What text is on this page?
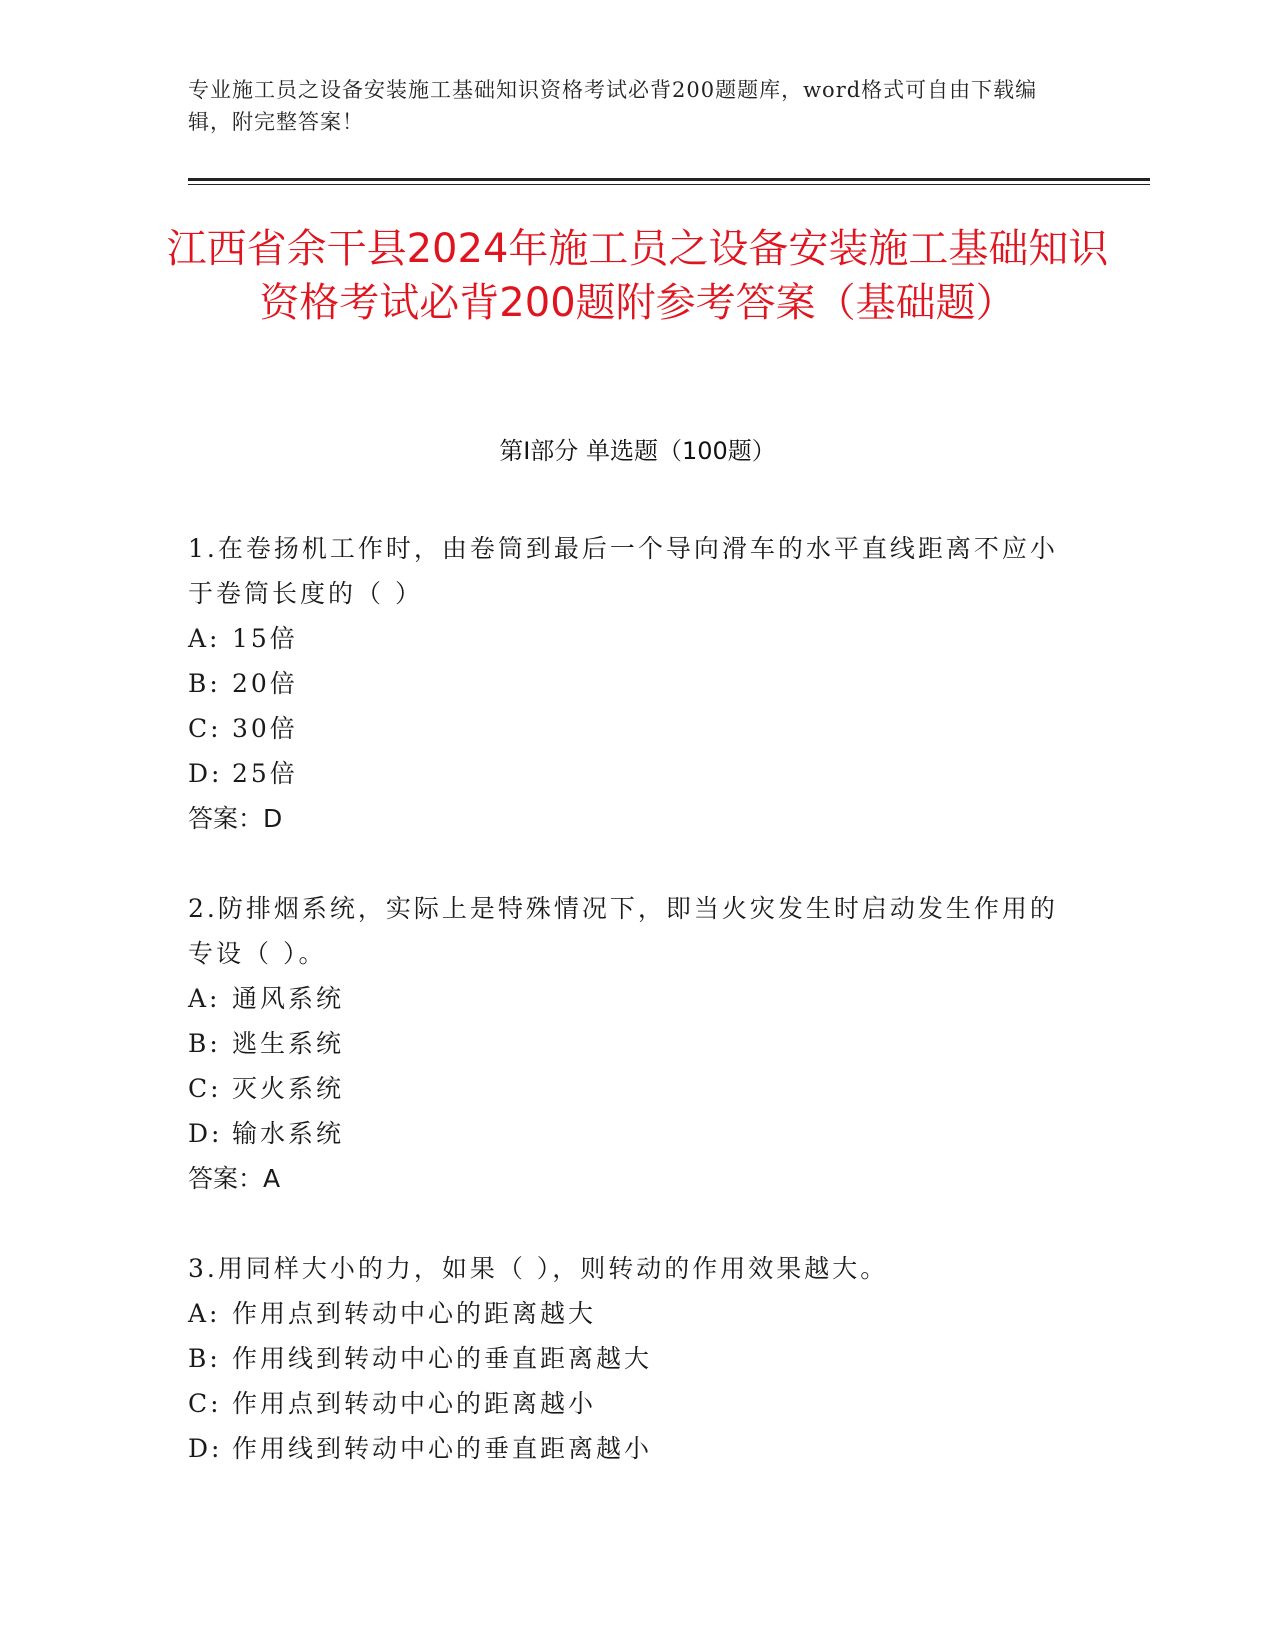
专业施工员之设备安装施工基础知识资格考试必背200题题库，word格式可自由下载编辑，附完整答案！
江西省余干县2024年施工员之设备安装施工基础知识资格考试必背200题附参考答案（基础题）
第Ⅰ部分 单选题（100题）

1.在卷扬机工作时，由卷筒到最后一个导向滑车的水平直线距离不应小于卷筒长度的（ ）

A: 15倍
B: 20倍
C: 30倍
D: 25倍

答案：D

2.防排烟系统，实际上是特殊情况下，即当火灾发生时启动发生作用的专设（ ）。

A: 通风系统
B: 逃生系统
C: 灭火系统
D: 输水系统

答案：A

3.用同样大小的力，如果（ ），则转动的作用效果越大。

A: 作用点到转动中心的距离越大
B: 作用线到转动中心的垂直距离越大
C: 作用点到转动中心的距离越小
D: 作用线到转动中心的垂直距离越小
